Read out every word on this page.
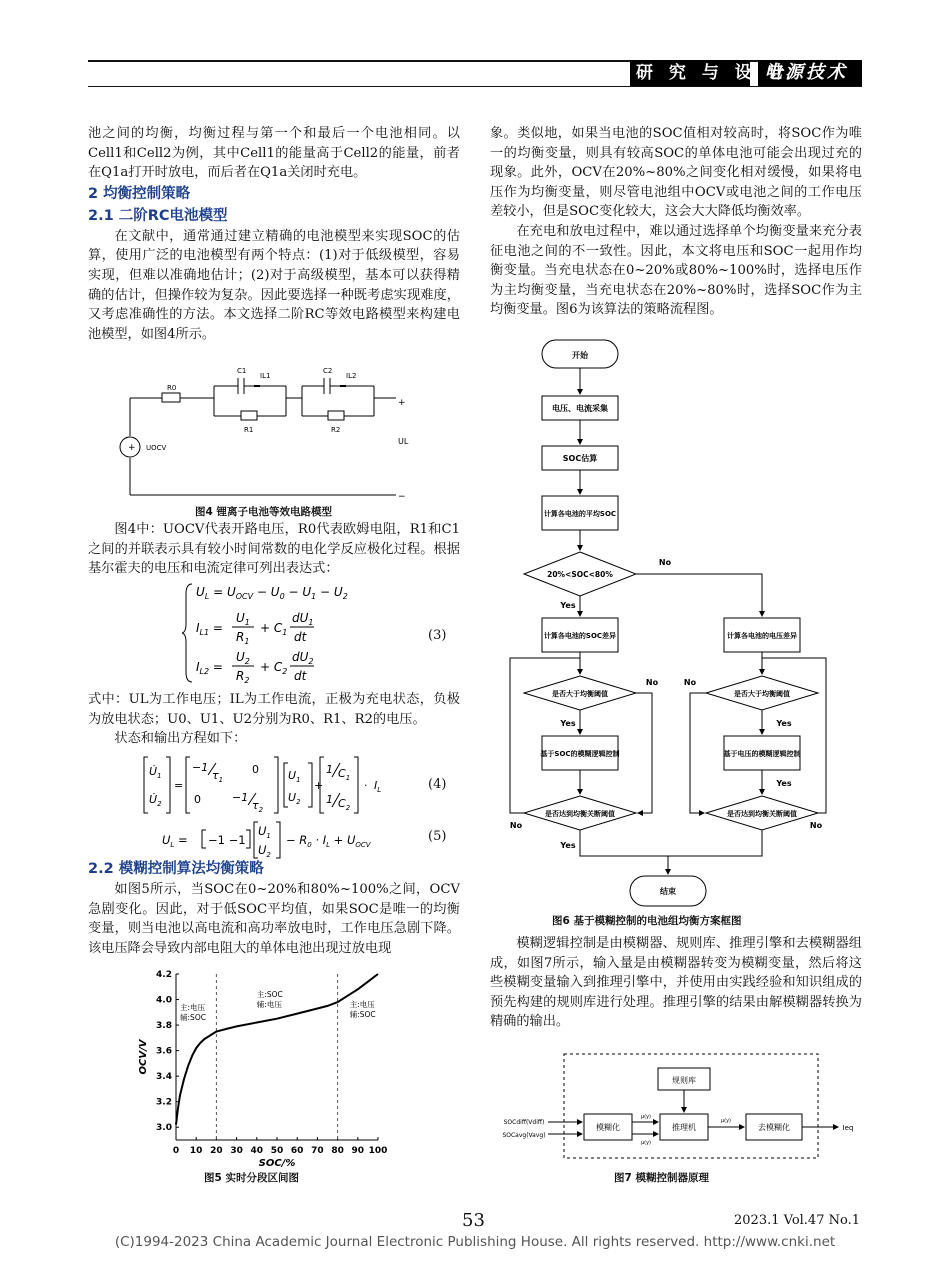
研 究 与 设 计
电源技术

池之间的均衡，均衡过程与第一个和最后一个电池相同。以Cell1和Cell2为例，其中Cell1的能量高于Cell2的能量，前者在Q1a打开时放电，而后者在Q1a关闭时充电。

2 均衡控制策略

2.1 二阶RC电池模型

在文献中，通常通过建立精确的电池模型来实现SOC的估算，使用广泛的电池模型有两个特点：(1)对于低级模型，容易实现，但难以准确地估计；(2)对于高级模型，基本可以获得精确的估计，但操作较为复杂。因此要选择一种既考虑实现难度，又考虑准确性的方法。本文选择二阶RC等效电路模型来构建电池模型，如图4所示。

+
R0
C1
IL1
C2
IL2
R1	R2
UOCV
UL
+
−
图4 锂离子电池等效电路模型

图4中：UOCV代表开路电压，R0代表欧姆电阻，R1和C1之间的并联表示具有较小时间常数的电化学反应极化过程。根据基尔霍夫的电压和电流定律可列出表达式：

$U_L = U_{OCV} - U_0 - U_1 - U_2$
$I_{L1}$ =
$U_1$
$R_1$
+ $C_1$
$dU_1$
dt
$I_{L2}$ =
$U_2$
$R_2$
+ $C_2$
$dU_2$
dt
(3)

式中：UL为工作电压；IL为工作电流，正极为充电状态，负极为放电状态；U0、U1、U2分别为R0、R1、R2的电压。

状态和输出方程如下：

$U̇_1$
$U̇_2$
=
−1
$\tau_1$
0
0	−1
$\tau_2$
$U_1$
$U_2$
+
1 $C_1$
1 $C_2$
· $I_L$	(4)
$U_L = -1 -1$
$U_1$
$U_2$
− $R_0 \cdot I_L + U_{OCV}$
(5)

2.2 模糊控制算法均衡策略

如图5所示，当SOC在0~20%和80%~100%之间，OCV急剧变化。因此，对于低SOC平均值，如果SOC是唯一的均衡变量，则当电池以高电流和高功率放电时，工作电压急剧下降。该电压降会导致内部电阻大的单体电池出现过放电现

0 10 20 30 40 50 60 70 80 90 100
3.0
3.2
3.4
3.6
3.8
4.0
4.2
主:电压
辅:SOC
主:SOC
辅:电压	主:电压
辅:SOC
SOC/%
OCV/V
图5 实时分段区间图

象。类似地，如果当电池的SOC值相对较高时，将SOC作为唯一的均衡变量，则具有较高SOC的单体电池可能会出现过充的现象。此外，OCV在20%~80%之间变化相对缓慢，如果将电压作为均衡变量，则尽管电池组中OCV或电池之间的工作电压差较小，但是SOC变化较大，这会大大降低均衡效率。

在充电和放电过程中，难以通过选择单个均衡变量来充分表征电池之间的不一致性。因此，本文将电压和SOC一起用作均衡变量。当充电状态在0~20%或80%~100%时，选择电压作为主均衡变量，当充电状态在20%~80%时，选择SOC作为主均衡变量。图6为该算法的策略流程图。

开始
电压、电流采集
SOC估算
计算各电池的平均SOC
20%<SOC<80%
No
Yes
计算各电池的SOC差异	计算各电池的电压差异
是否大于均衡阈值	是否大于均衡阈值
No	No
Yes	Yes
基于SOC的模糊逻辑控制	基于电压的模糊逻辑控制
Yes
是否达到均衡关断阈值	是否达到均衡关断阈值
No	No
Yes
结束
图6 基于模糊控制的电池组均衡方案框图

模糊逻辑控制是由模糊器、规则库、推理引擎和去模糊器组成，如图7所示，输入量是由模糊器转变为模糊变量，然后将这些模糊变量输入到推理引擎中，并使用由实践经验和知识组成的预先构建的规则库进行处理。推理引擎的结果由解模糊器转换为精确的输出。

规则库
模糊化	推理机	去模糊化
SOCdiff(Vdiff)
SOCavg(Vavg)
μ(y)
μ(y)
μ(y)
Ieq
图7 模糊控制器原理
53	2023.1 Vol.47 No.1
(C)1994-2023 China Academic Journal Electronic Publishing House. All rights reserved. http://www.cnki.net
